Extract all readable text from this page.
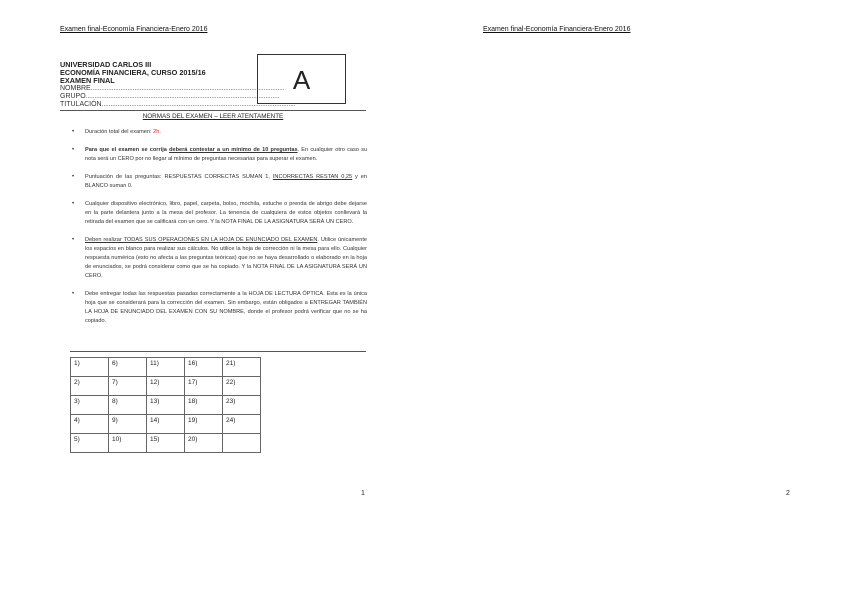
Examen final-Economía Financiera-Enero 2016
UNIVERSIDAD CARLOS III
ECONOMÍA FINANCIERA, CURSO 2015/16
EXAMEN FINAL
NOMBRE...............................................................................................................
GRUPO...............................................................................................................
TITULACIÓN...............................................................................................................
A
NORMAS DEL EXAMEN – LEER ATENTAMENTE
• Duración total del examen: 2h.
• Para que el examen se corrija deberá contestar a un mínimo de 10 preguntas. En cualquier otro caso su nota será un CERO por no llegar al mínimo de preguntas necesarias para superar el examen.
• Puntuación de las preguntas: RESPUESTAS CORRECTAS SUMAN 1, INCORRECTAS RESTAN 0,25 y en BLANCO suman 0.
• Cualquier dispositivo electrónico, libro, papel, carpeta, bolso, mochila, estuche o prenda de abrigo debe dejarse en la parte delantera junto a la mesa del profesor. La tenencia de cualquiera de estos objetos conllevará la retirada del examen que se calificará con un cero. Y la NOTA FINAL DE LA ASIGNATURA SERÁ UN CERO.
• Deben realizar TODAS SUS OPERACIONES EN LA HOJA DE ENUNCIADO DEL EXAMEN. Utilice únicamente los espacios en blanco para realizar sus cálculos. No utilice la hoja de corrección ni la mesa para ello. Cualquier respuesta numérica (esto no afecta a las preguntas teóricas) que no se haya desarrollado o elaborado en la hoja de enunciados, se podrá considerar como que se ha copiado. Y la NOTA FINAL DE LA ASIGNATURA SERÁ UN CERO.
• Debe entregar todas las respuestas pasadas correctamente a la HOJA DE LECTURA ÓPTICA. Esta es la única hoja que se considerará para la corrección del examen. Sin embargo, están obligados a ENTREGAR TAMBIÉN LA HOJA DE ENUNCIADO DEL EXAMEN CON SU NOMBRE, donde el profesor podrá verificar que no se ha copiado.
1)	6)	11)	16)	21)
2)	7)	12)	17)	22)
3)	8)	13)	18)	23)
4)	9)	14)	19)	24)
5)	10)	15)	20)	
1
Examen final-Economía Financiera-Enero 2016
2
